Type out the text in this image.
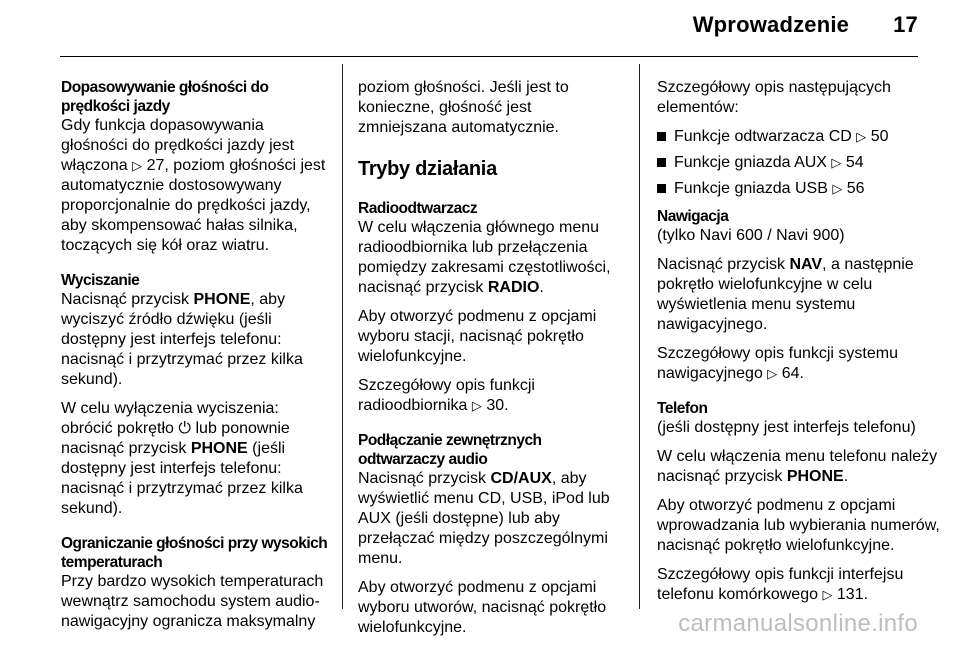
Wprowadzenie 17
Dopasowywanie głośności do prędkości jazdy
Gdy funkcja dopasowywania głośności do prędkości jazdy jest włączona ▷ 27, poziom głośności jest automatycznie dostosowywany proporcjonalnie do prędkości jazdy, aby skompensować hałas silnika, toczących się kół oraz wiatru.
Wyciszanie
Nacisnąć przycisk PHONE, aby wyciszyć źródło dźwięku (jeśli dostępny jest interfejs telefonu: nacisnąć i przytrzymać przez kilka sekund).
W celu wyłączenia wyciszenia: obrócić pokrętło ⏻ lub ponownie nacisnąć przycisk PHONE (jeśli dostępny jest interfejs telefonu: nacisnąć i przytrzymać przez kilka sekund).
Ograniczanie głośności przy wysokich temperaturach
Przy bardzo wysokich temperaturach wewnątrz samochodu system audio-nawigacyjny ogranicza maksymalny
poziom głośności. Jeśli jest to konieczne, głośność jest zmniejszana automatycznie.
Tryby działania
Radioodtwarzacz
W celu włączenia głównego menu radioodbiornika lub przełączenia pomiędzy zakresami częstotliwości, nacisnąć przycisk RADIO.
Aby otworzyć podmenu z opcjami wyboru stacji, nacisnąć pokrętło wielofunkcyjne.
Szczegółowy opis funkcji radioodbiornika ▷ 30.
Podłączanie zewnętrznych odtwarzaczy audio
Nacisnąć przycisk CD/AUX, aby wyświetlić menu CD, USB, iPod lub AUX (jeśli dostępne) lub aby przełączać między poszczególnymi menu.
Aby otworzyć podmenu z opcjami wyboru utworów, nacisnąć pokrętło wielofunkcyjne.
Szczegółowy opis następujących elementów:
Funkcje odtwarzacza CD ▷ 50
Funkcje gniazda AUX ▷ 54
Funkcje gniazda USB ▷ 56
Nawigacja
(tylko Navi 600 / Navi 900)
Nacisnąć przycisk NAV, a następnie pokrętło wielofunkcyjne w celu wyświetlenia menu systemu nawigacyjnego.
Szczegółowy opis funkcji systemu nawigacyjnego ▷ 64.
Telefon
(jeśli dostępny jest interfejs telefonu)
W celu włączenia menu telefonu należy nacisnąć przycisk PHONE.
Aby otworzyć podmenu z opcjami wprowadzania lub wybierania numerów, nacisnąć pokrętło wielofunkcyjne.
Szczegółowy opis funkcji interfejsu telefonu komórkowego ▷ 131.
carmanualsonline.info
